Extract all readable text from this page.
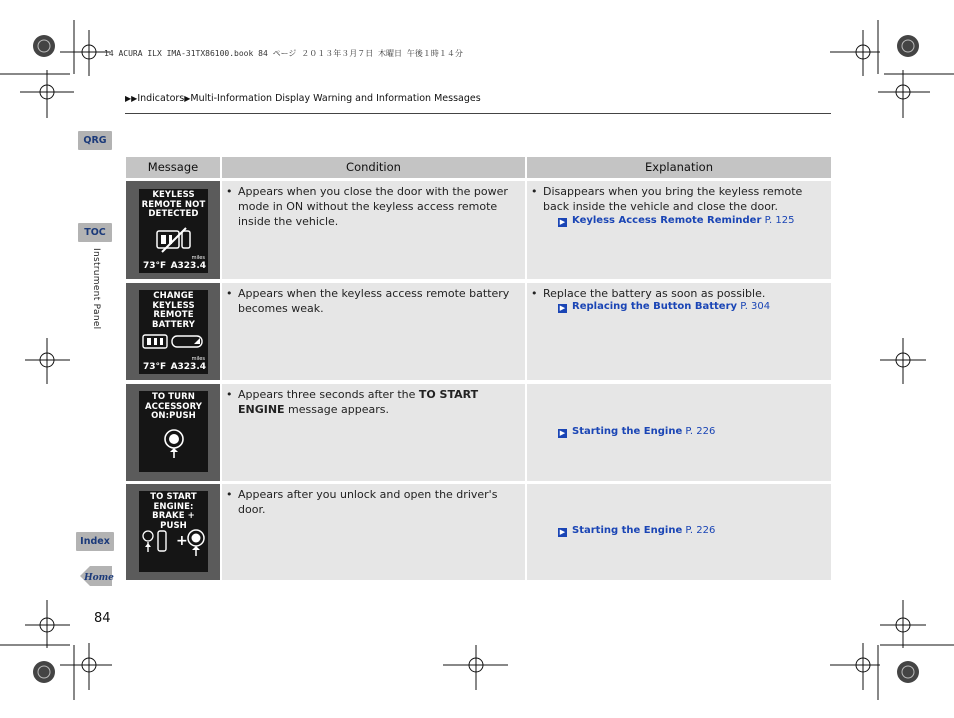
14 ACURA ILX IMA-31TX86100.book 84 ページ ２０１３年３月７日 木曜日 午後１時１４分
▶▶Indicators▶Multi-Information Display Warning and Information Messages
QRG
TOC
Index
Home
Instrument Panel
84
Message	Condition	Explanation
KEYLESS
REMOTE NOT
DETECTED
73°F A323.4
miles
• Appears when you close the door with the power mode in ON without the keyless access remote inside the vehicle.
• Disappears when you bring the keyless remote back inside the vehicle and close the door.
▶ Keyless Access Remote Reminder P. 125
CHANGE
KEYLESS
REMOTE
BATTERY
73°F A323.4
miles
• Appears when the keyless access remote battery becomes weak.
• Replace the battery as soon as possible.
▶ Replacing the Button Battery P. 304
TO TURN
ACCESSORY
ON:PUSH
• Appears three seconds after the TO START ENGINE message appears.
▶ Starting the Engine P. 226
TO START
ENGINE:
BRAKE + PUSH
+
• Appears after you unlock and open the driver's door.
▶ Starting the Engine P. 226
